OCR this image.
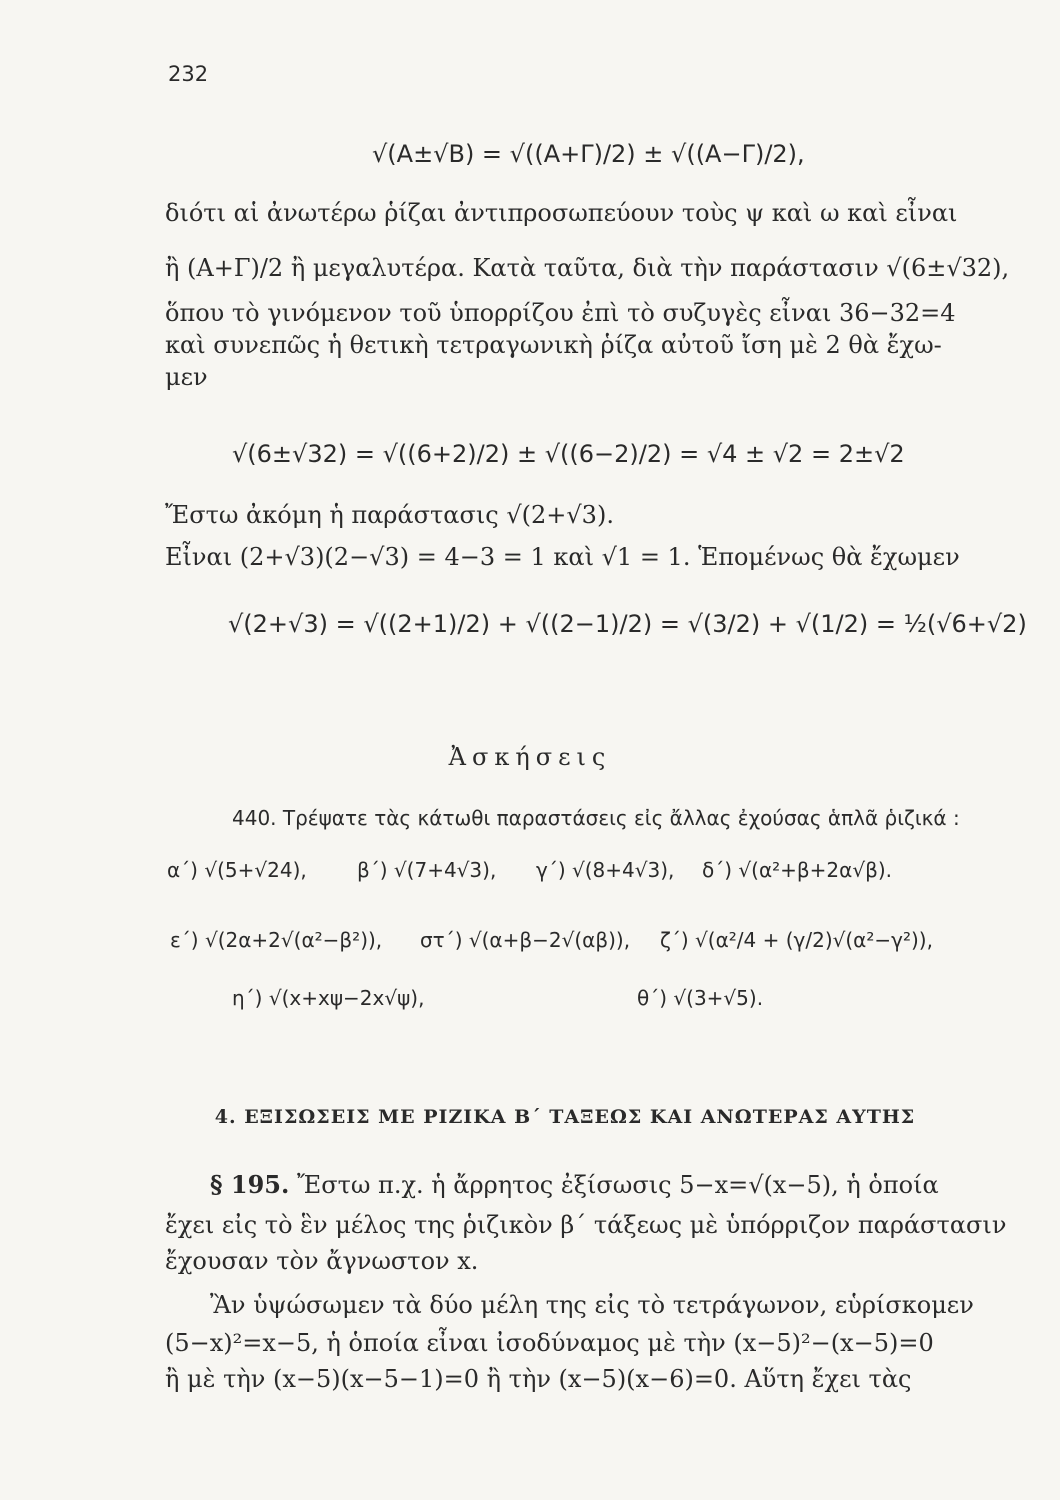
232
√(A±√B) = √((A+Γ)/2) ± √((A−Γ)/2),
διότι αἱ ἀνωτέρω ῥίζαι ἀντιπροσωπεύουν τοὺς ψ καὶ ω καὶ εἶναι
ἢ (A+Γ)/2 ἢ μεγαλυτέρα. Κατὰ ταῦτα, διὰ τὴν παράστασιν √(6±√32),
ὅπου τὸ γινόμενον τοῦ ὑπορρίζου ἐπὶ τὸ συζυγὲς εἶναι 36−32=4
καὶ συνεπῶς ἡ θετικὴ τετραγωνικὴ ῥίζα αὐτοῦ ἴση μὲ 2 θὰ ἔχω-
μεν
√(6±√32) = √((6+2)/2) ± √((6−2)/2) = √4 ± √2 = 2±√2
Ἔστω ἀκόμη ἡ παράστασις √(2+√3).
Εἶναι (2+√3)(2−√3) = 4−3 = 1 καὶ √1 = 1. Ἑπομένως θὰ ἔχωμεν
√(2+√3) = √((2+1)/2) + √((2−1)/2) = √(3/2) + √(1/2) = ½(√6+√2)
Ἀσκήσεις
440. Τρέψατε τὰς κάτωθι παραστάσεις εἰς ἄλλας ἐχούσας ἁπλᾶ ῥιζικά :
α΄) √(5+√24),	β΄) √(7+4√3), γ΄) √(8+4√3), δ΄) √(α²+β+2α√β).
ε΄) √(2α+2√(α²−β²)), στ΄) √(α+β−2√(αβ)), ζ΄) √(α²/4 + (γ/2)√(α²−γ²)),
η΄) √(x+xψ−2x√ψ),	θ΄) √(3+√5).
4. ΕΞΙΣΩΣΕΙΣ ΜΕ ΡΙΖΙΚΑ Β΄ ΤΑΞΕΩΣ ΚΑΙ ΑΝΩΤΕΡΑΣ ΑΥΤΗΣ
§ 195. Ἔστω π.χ. ἡ ἄρρητος ἐξίσωσις 5−x=√(x−5), ἡ ὁποία
ἔχει εἰς τὸ ἓν μέλος της ῥιζικὸν β΄ τάξεως μὲ ὑπόρριζον παράστασιν
ἔχουσαν τὸν ἄγνωστον x.
Ἂν ὑψώσωμεν τὰ δύο μέλη της εἰς τὸ τετράγωνον, εὑρίσκομεν
(5−x)²=x−5, ἡ ὁποία εἶναι ἰσοδύναμος μὲ τὴν (x−5)²−(x−5)=0
ἢ μὲ τὴν (x−5)(x−5−1)=0 ἢ τὴν (x−5)(x−6)=0. Αὕτη ἔχει τὰς
